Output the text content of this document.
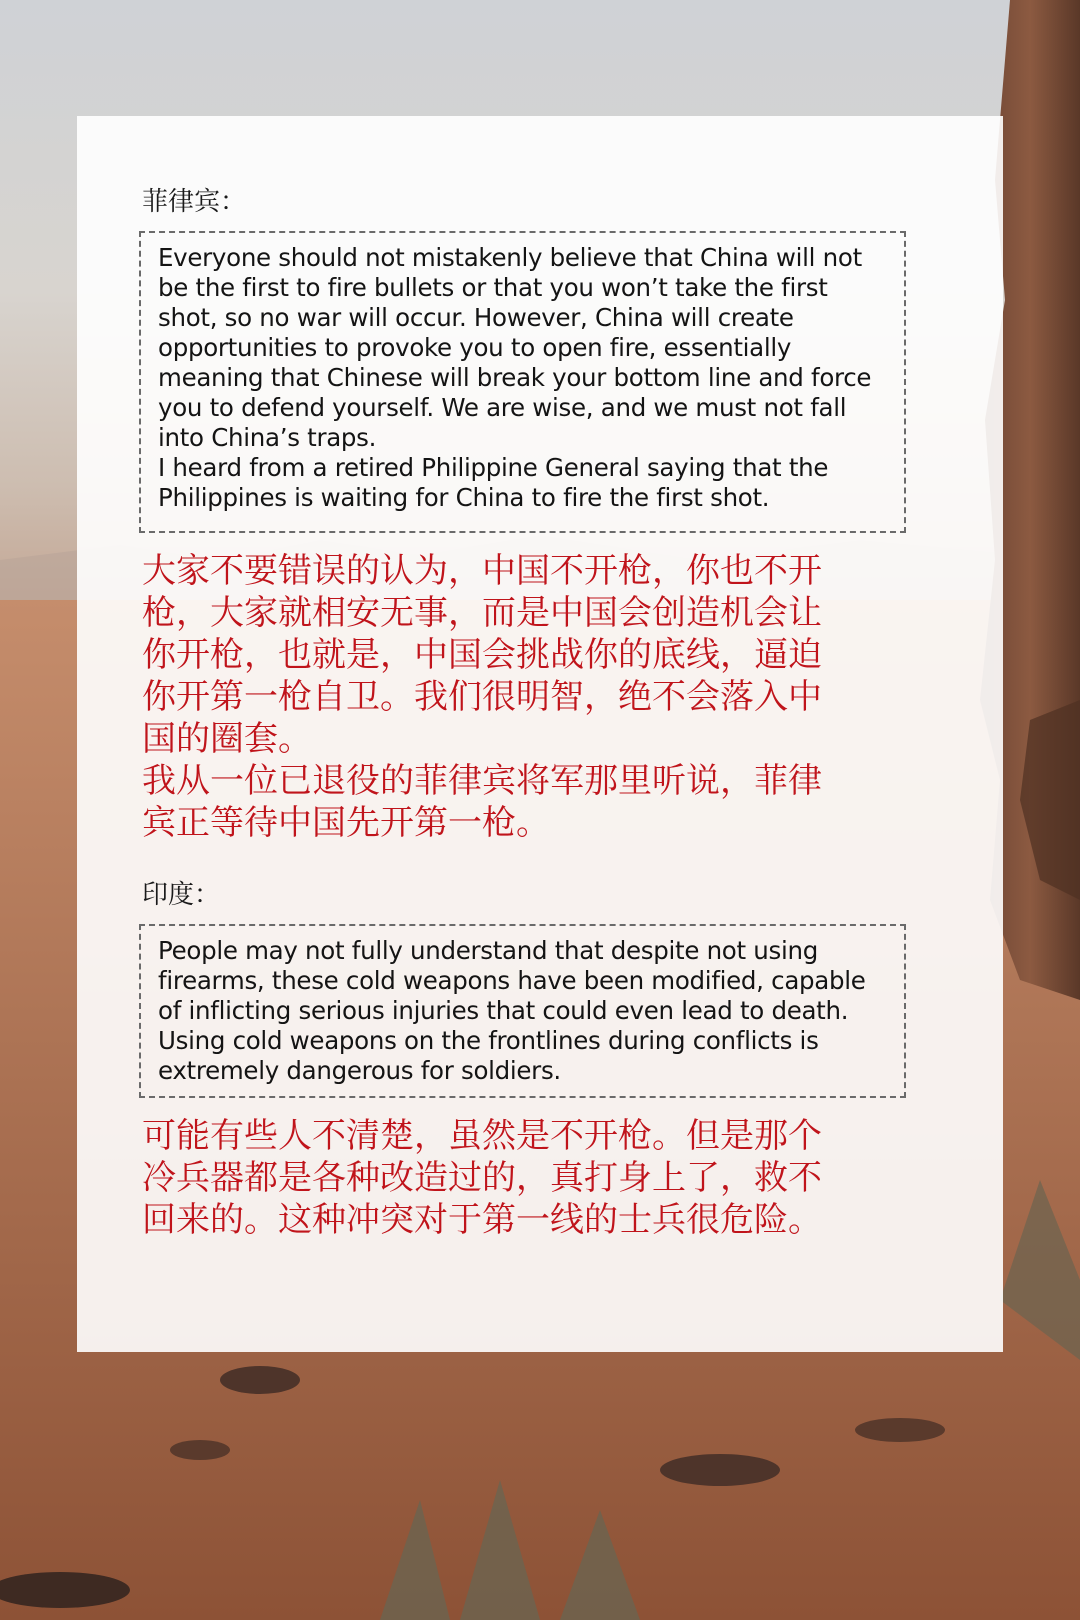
菲律宾：
Everyone should not mistakenly believe that China will not
be the first to fire bullets or that you won’t take the first
shot, so no war will occur. However, China will create
opportunities to provoke you to open fire, essentially
meaning that Chinese will break your bottom line and force
you to defend yourself. We are wise, and we must not fall
into China’s traps.
I heard from a retired Philippine General saying that the
Philippines is waiting for China to fire the first shot.
大家不要错误的认为，中国不开枪，你也不开
枪，大家就相安无事，而是中国会创造机会让
你开枪，也就是，中国会挑战你的底线，逼迫
你开第一枪自卫。我们很明智，绝不会落入中
国的圈套。
我从一位已退役的菲律宾将军那里听说，菲律
宾正等待中国先开第一枪。
印度：
People may not fully understand that despite not using
firearms, these cold weapons have been modified, capable
of inflicting serious injuries that could even lead to death.
Using cold weapons on the frontlines during conflicts is
extremely dangerous for soldiers.
可能有些人不清楚，虽然是不开枪。但是那个
冷兵器都是各种改造过的，真打身上了，救不
回来的。这种冲突对于第一线的士兵很危险。
